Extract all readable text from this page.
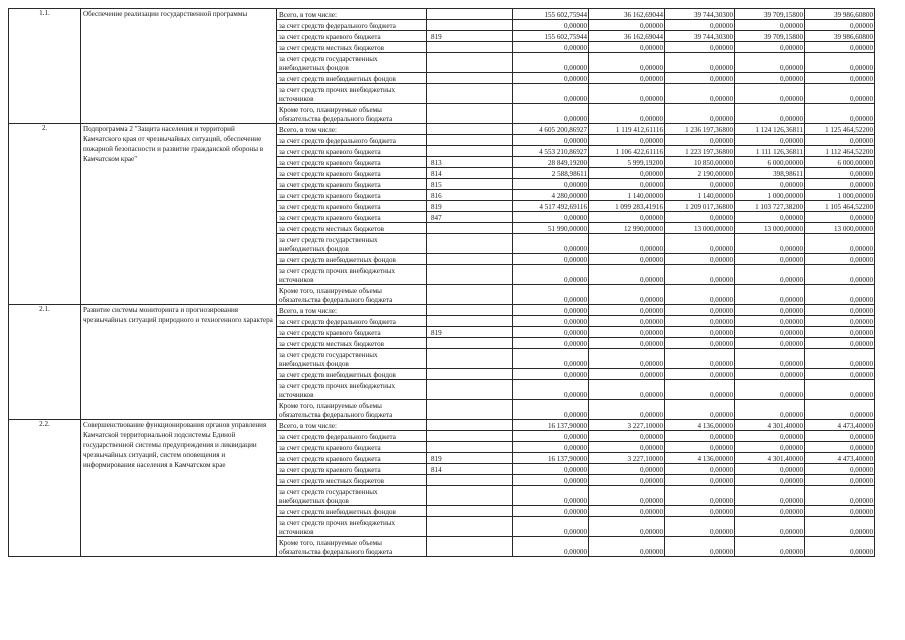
1.1.	Обеспечение реализации государственной программы	Всего, в том числе:		155 602,75944	36 162,69044	39 744,30300	39 709,15800	39 986,60800
		за счет средств федерального бюджета		0,00000	0,00000	0,00000	0,00000	0,00000
		за счет средств краевого бюджета	819	155 602,75944	36 162,69044	39 744,30300	39 709,15800	39 986,60800
		за счет средств местных бюджетов		0,00000	0,00000	0,00000	0,00000	0,00000
		за счет средств государственных внебюджетных фондов		0,00000	0,00000	0,00000	0,00000	0,00000
		за счет средств внебюджетных фондов		0,00000	0,00000	0,00000	0,00000	0,00000
		за счет средств прочих внебюджетных источников		0,00000	0,00000	0,00000	0,00000	0,00000
		Кроме того, планируемые объемы обязательства федерального бюджета		0,00000	0,00000	0,00000	0,00000	0,00000
2.	Подпрограмма 2 "Защита населения и территорий Камчатского края от чрезвычайных ситуаций, обеспечение пожарной безопасности и развитие гражданской обороны в Камчатском крае"	Всего, в том числе:		4 605 200,86927	1 119 412,61116	1 236 197,36800	1 124 126,36811	1 125 464,52200
		за счет средств федерального бюджета		0,00000	0,00000	0,00000	0,00000	0,00000
		за счет средств краевого бюджета		4 553 210,86927	1 106 422,61116	1 223 197,36800	1 111 126,36811	1 112 464,52200
		за счет средств краевого бюджета	813	28 849,19200	5 999,19200	10 850,00000	6 000,00000	6 000,00000
		за счет средств краевого бюджета	814	2 588,98611	0,00000	2 190,00000	398,98611	0,00000
		за счет средств краевого бюджета	815	0,00000	0,00000	0,00000	0,00000	0,00000
		за счет средств краевого бюджета	816	4 280,00000	1 140,00000	1 140,00000	1 000,00000	1 000,00000
		за счет средств краевого бюджета	819	4 517 492,69116	1 099 283,41916	1 209 017,36800	1 103 727,38200	1 105 464,52200
		за счет средств краевого бюджета	847	0,00000	0,00000	0,00000	0,00000	0,00000
		за счет средств местных бюджетов		51 990,00000	12 990,00000	13 000,00000	13 000,00000	13 000,00000
		за счет средств государственных внебюджетных фондов		0,00000	0,00000	0,00000	0,00000	0,00000
		за счет средств внебюджетных фондов		0,00000	0,00000	0,00000	0,00000	0,00000
		за счет средств прочих внебюджетных источников		0,00000	0,00000	0,00000	0,00000	0,00000
		Кроме того, планируемые объемы обязательства федерального бюджета		0,00000	0,00000	0,00000	0,00000	0,00000
2.1.	Развитие системы мониторинга и прогнозирования чрезвычайных ситуаций природного и техногенного характера	Всего, в том числе:		0,00000	0,00000	0,00000	0,00000	0,00000
		за счет средств федерального бюджета		0,00000	0,00000	0,00000	0,00000	0,00000
		за счет средств краевого бюджета	819	0,00000	0,00000	0,00000	0,00000	0,00000
		за счет средств местных бюджетов		0,00000	0,00000	0,00000	0,00000	0,00000
		за счет средств государственных внебюджетных фондов		0,00000	0,00000	0,00000	0,00000	0,00000
		за счет средств внебюджетных фондов		0,00000	0,00000	0,00000	0,00000	0,00000
		за счет средств прочих внебюджетных источников		0,00000	0,00000	0,00000	0,00000	0,00000
		Кроме того, планируемые объемы обязательства федерального бюджета		0,00000	0,00000	0,00000	0,00000	0,00000
2.2.	Совершенствование функционирования органов управления Камчатской территориальной подсистемы Единой государственной системы предупреждения и ликвидации чрезвычайных ситуаций, систем оповещения и информирования населения в Камчатском крае	Всего, в том числе:		16 137,90000	3 227,10000	4 136,00000	4 301,40000	4 473,40000
		за счет средств федерального бюджета		0,00000	0,00000	0,00000	0,00000	0,00000
		за счет средств краевого бюджета		0,00000	0,00000	0,00000	0,00000	0,00000
		за счет средств краевого бюджета	819	16 137,90000	3 227,10000	4 136,00000	4 301,40000	4 473,40000
		за счет средств краевого бюджета	814	0,00000	0,00000	0,00000	0,00000	0,00000
		за счет средств местных бюджетов		0,00000	0,00000	0,00000	0,00000	0,00000
		за счет средств государственных внебюджетных фондов		0,00000	0,00000	0,00000	0,00000	0,00000
		за счет средств внебюджетных фондов		0,00000	0,00000	0,00000	0,00000	0,00000
		за счет средств прочих внебюджетных источников		0,00000	0,00000	0,00000	0,00000	0,00000
		Кроме того, планируемые объемы обязательства федерального бюджета		0,00000	0,00000	0,00000	0,00000	0,00000
